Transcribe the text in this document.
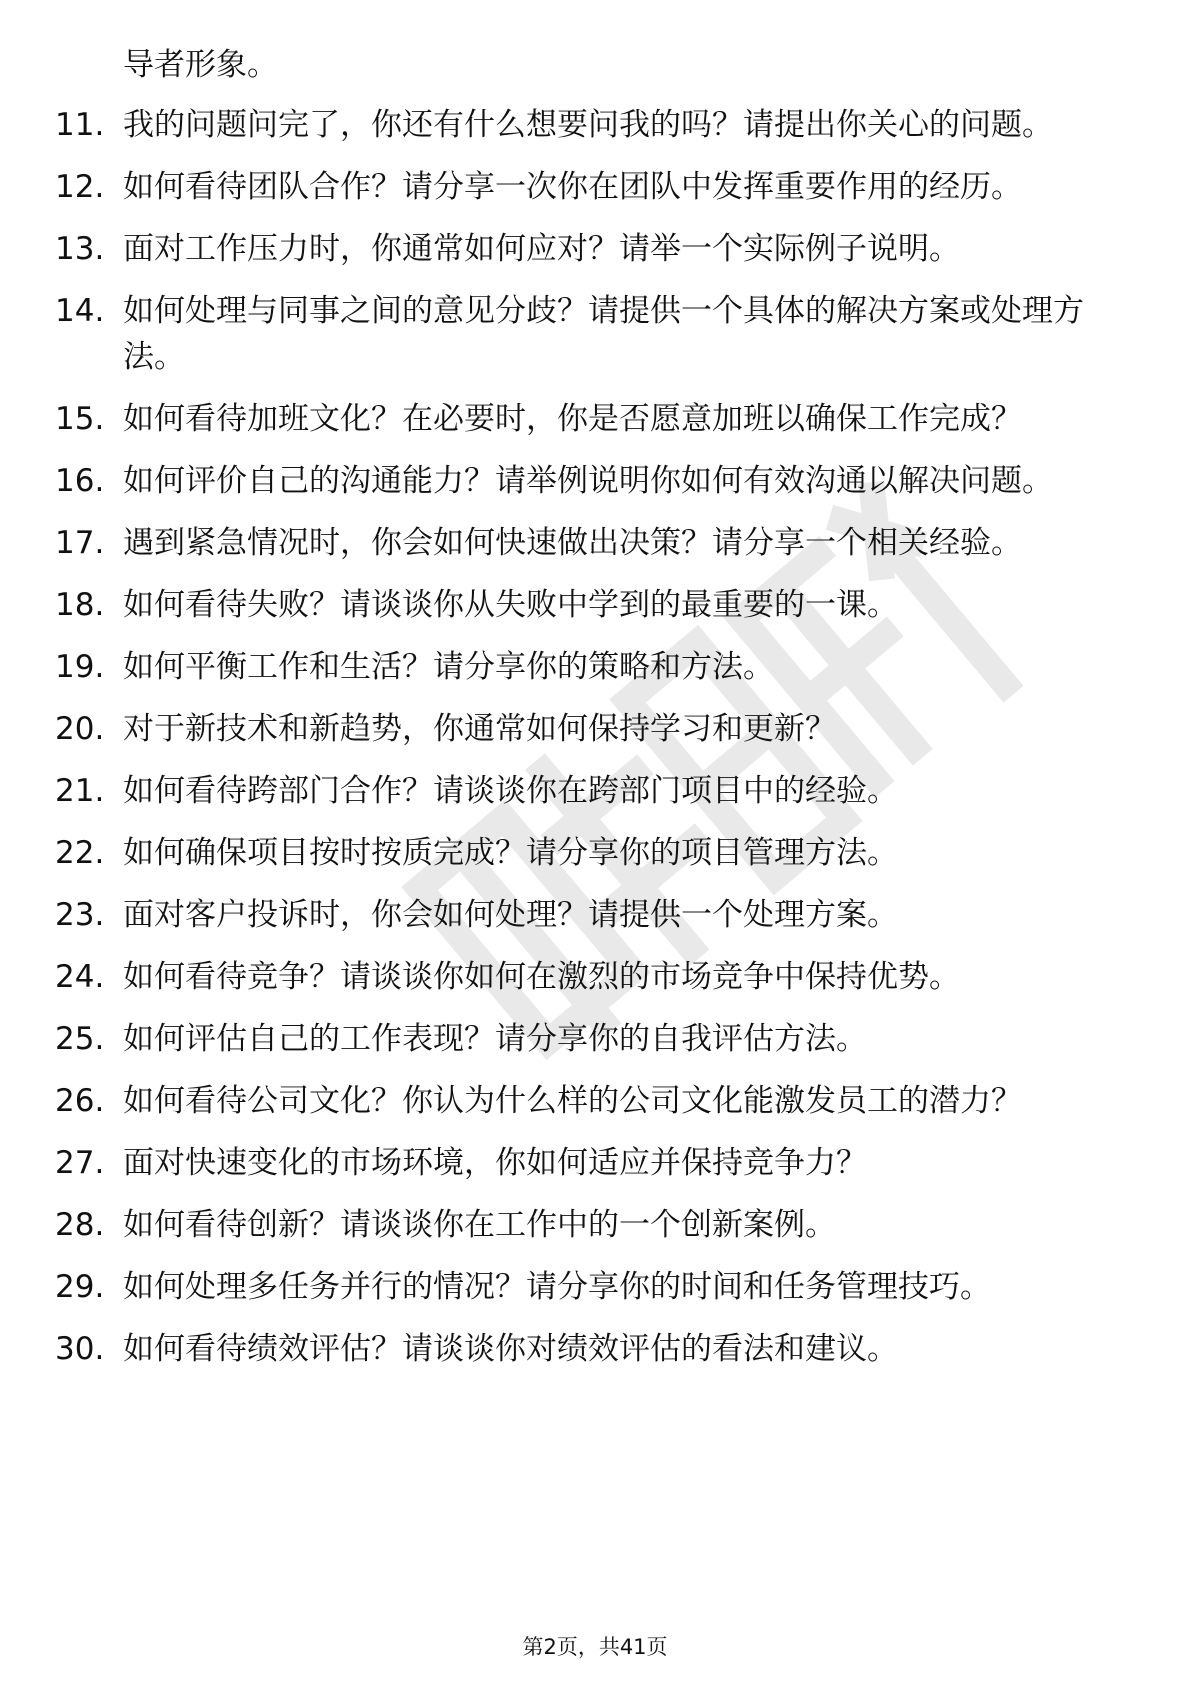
导者形象。

11. 我的问题问完了，你还有什么想要问我的吗？请提出你关心的问题。
12. 如何看待团队合作？请分享一次你在团队中发挥重要作用的经历。
13. 面对工作压力时，你通常如何应对？请举一个实际例子说明。
14. 如何处理与同事之间的意见分歧？请提供一个具体的解决方案或处理方法。
15. 如何看待加班文化？在必要时，你是否愿意加班以确保工作完成？
16. 如何评价自己的沟通能力？请举例说明你如何有效沟通以解决问题。
17. 遇到紧急情况时，你会如何快速做出决策？请分享一个相关经验。
18. 如何看待失败？请谈谈你从失败中学到的最重要的一课。
19. 如何平衡工作和生活？请分享你的策略和方法。
20. 对于新技术和新趋势，你通常如何保持学习和更新？
21. 如何看待跨部门合作？请谈谈你在跨部门项目中的经验。
22. 如何确保项目按时按质完成？请分享你的项目管理方法。
23. 面对客户投诉时，你会如何处理？请提供一个处理方案。
24. 如何看待竞争？请谈谈你如何在激烈的市场竞争中保持优势。
25. 如何评估自己的工作表现？请分享你的自我评估方法。
26. 如何看待公司文化？你认为什么样的公司文化能激发员工的潜力？
27. 面对快速变化的市场环境，你如何适应并保持竞争力？
28. 如何看待创新？请谈谈你在工作中的一个创新案例。
29. 如何处理多任务并行的情况？请分享你的时间和任务管理技巧。
30. 如何看待绩效评估？请谈谈你对绩效评估的看法和建议。
第2页，共41页
